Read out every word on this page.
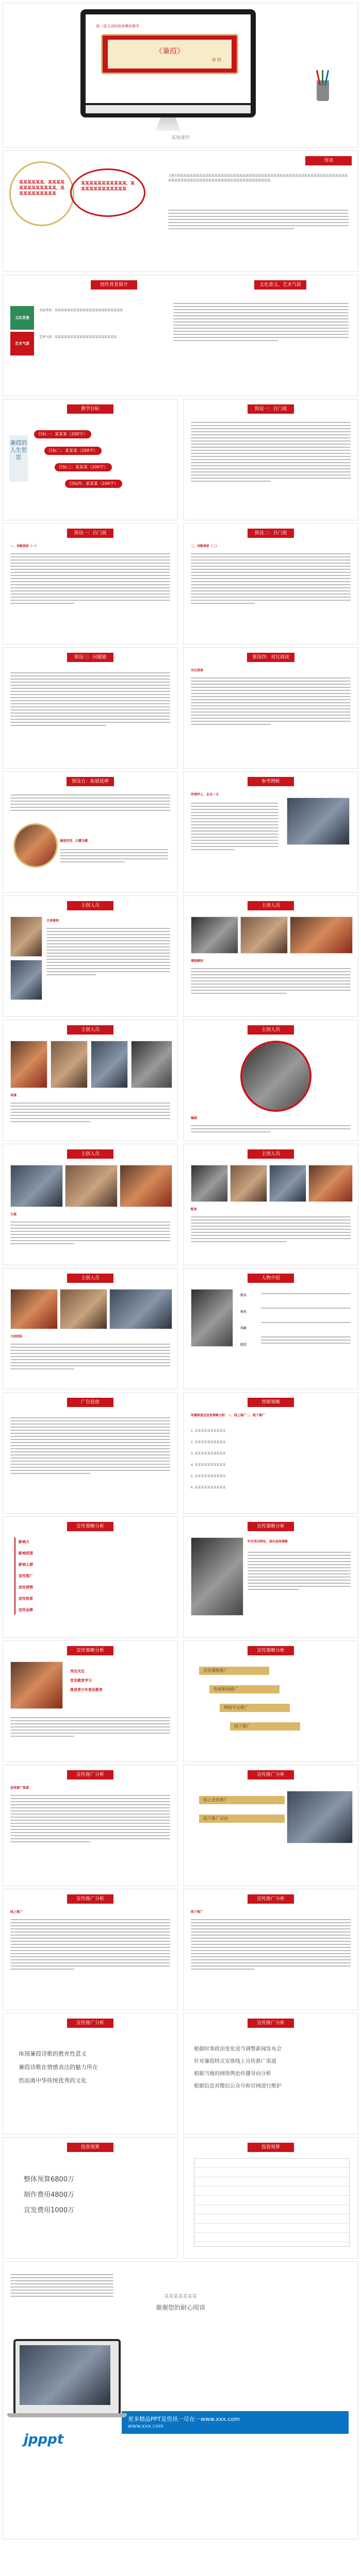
高一语文诗经阅读模块教学
《蒹葭》
诗 经
某地课件
导读
某某某某某某，某某某某某某某某某某某某某，某某某某某某某某某某
某某某某某某某某某某某，某某某某某某某某某某某某
人物介绍某某某某某某某某某某某某某某某某某某某某某某某某某某某某某某某某某某某某某某某某某某某某某某某某某某某某某某某某某某某某某某某某某某某某某某某某某某某某某某某某某某某某某某某。
创作背景简介	文化意义、艺术气质
文化背景
艺术气质
文化背景：某某某某某某某某某某某某某某某某某某某某某某
艺术气质：某某某某某某某某某某某某某某某某某某某某
教学目标
蒹葭的人生哲思
目标一：某某某（200字）
目标二：某某某（200字）
目标三：某某某（200字）
目标四：某某某（200字）
预设一：自门展
预设一：自门展
一、诗歌赏析（一）
预设二：自门展
二、诗歌赏析（二）
预设三：问题链	预设四：对比阅读
对比阅读
预设五：拓展延伸
蒹葭苍苍，白露为霜
参考例析
所谓伊人，在水一方
主创人员
主讲教师
主创人员
课程顾问
主创人员
导演
主创人员
编剧
主创人员
主演
主创人员
配角
主创人员
主创团队
人物介绍
姓名
角色
年龄
经历
广告投放	营销策略
传播渠道及投放策略分析：一、线上推广二、线下推广
1. 某某某某某某某某某某
2. 某某某某某某某某某某
3. 某某某某某某某某某某
4. 某某某某某某某某某某
5. 某某某某某某某某某某
6. 某某某某某某某某某某
宣传策略分析
影响力
影响范围
影响人群
宣传推广
宣传营销
宣传效果
宣传品牌
宣传策略分析
针对受众特征，提出宣传策略
宣传策略分析
突出关注
党员教育学习
推进青少年普法教育
宣传策略分析
宣传策略推广
电视新闻推广
网络平台推广
线下推广
宣传推广分析
宣传推广渠道
宣传推广分析
线上宣传推广
线下推广活动
宣传推广分析
线上推广
宣传推广分析
线下推广
宣传推广分析
体现蒹葭诗歌的教育性意义
蒹葭诗歌在情感表达的魅力所在
然而离中华传统优秀的文化
宣传推广分析
根据时事政治变化适当调整新闻发布会
针对蒹葭特点安排线上宣传推广渠道
根据当地的网络舆论传播导向分析
根据信息对微信公众号和官网进行维护
投资预算
整体预算6800万
制作费用4800万
宣发费用1000万
投资预算
某某某某某某某
谢谢您的耐心阅读
更多精品PPT及资讯一尽在一www.xxx.com
www.xxx.com
jpppt
